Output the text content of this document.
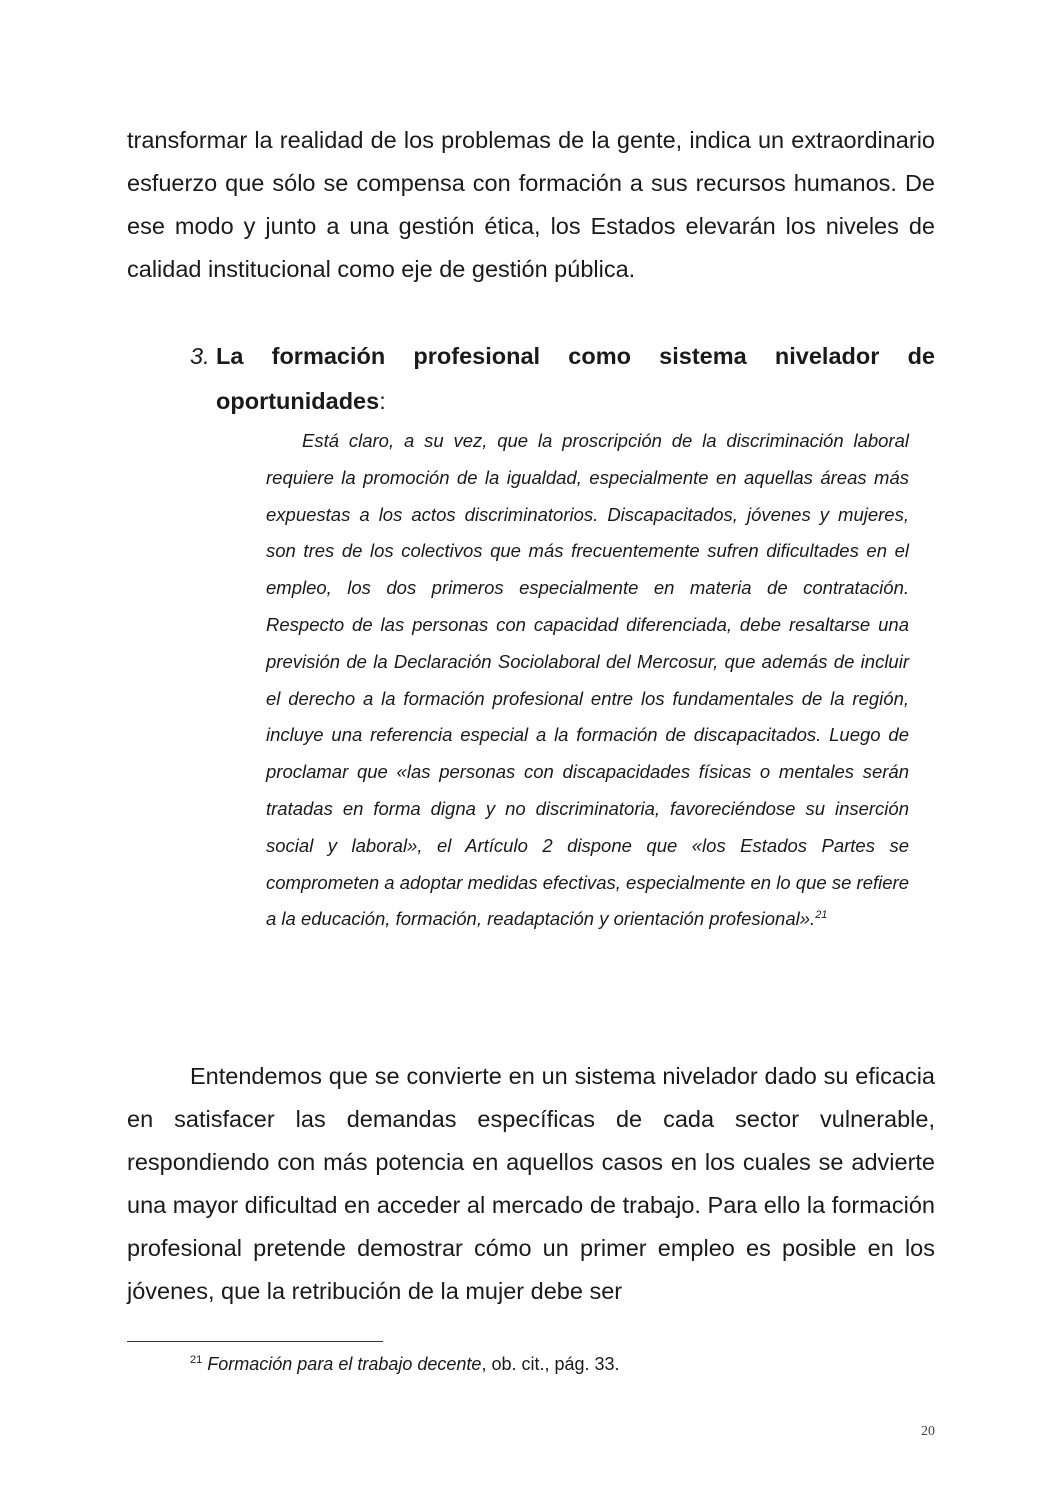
transformar la realidad de los problemas de la gente, indica un extraordinario esfuerzo que sólo se compensa con formación a sus recursos humanos. De ese modo y junto a una gestión ética, los Estados elevarán los niveles de calidad institucional como eje de gestión pública.

3. La formación profesional como sistema nivelador de oportunidades:

Está claro, a su vez, que la proscripción de la discriminación laboral requiere la promoción de la igualdad, especialmente en aquellas áreas más expuestas a los actos discriminatorios. Discapacitados, jóvenes y mujeres, son tres de los colectivos que más frecuentemente sufren dificultades en el empleo, los dos primeros especialmente en materia de contratación. Respecto de las personas con capacidad diferenciada, debe resaltarse una previsión de la Declaración Sociolaboral del Mercosur, que además de incluir el derecho a la formación profesional entre los fundamentales de la región, incluye una referencia especial a la formación de discapacitados. Luego de proclamar que «las personas con discapacidades físicas o mentales serán tratadas en forma digna y no discriminatoria, favoreciéndose su inserción social y laboral», el Artículo 2 dispone que «los Estados Partes se comprometen a adoptar medidas efectivas, especialmente en lo que se refiere a la educación, formación, readaptación y orientación profesional».$^{21}$

Entendemos que se convierte en un sistema nivelador dado su eficacia en satisfacer las demandas específicas de cada sector vulnerable, respondiendo con más potencia en aquellos casos en los cuales se advierte una mayor dificultad en acceder al mercado de trabajo. Para ello la formación profesional pretende demostrar cómo un primer empleo es posible en los jóvenes, que la retribución de la mujer debe ser

$^{21}$ Formación para el trabajo decente, ob. cit., pág. 33.

20
